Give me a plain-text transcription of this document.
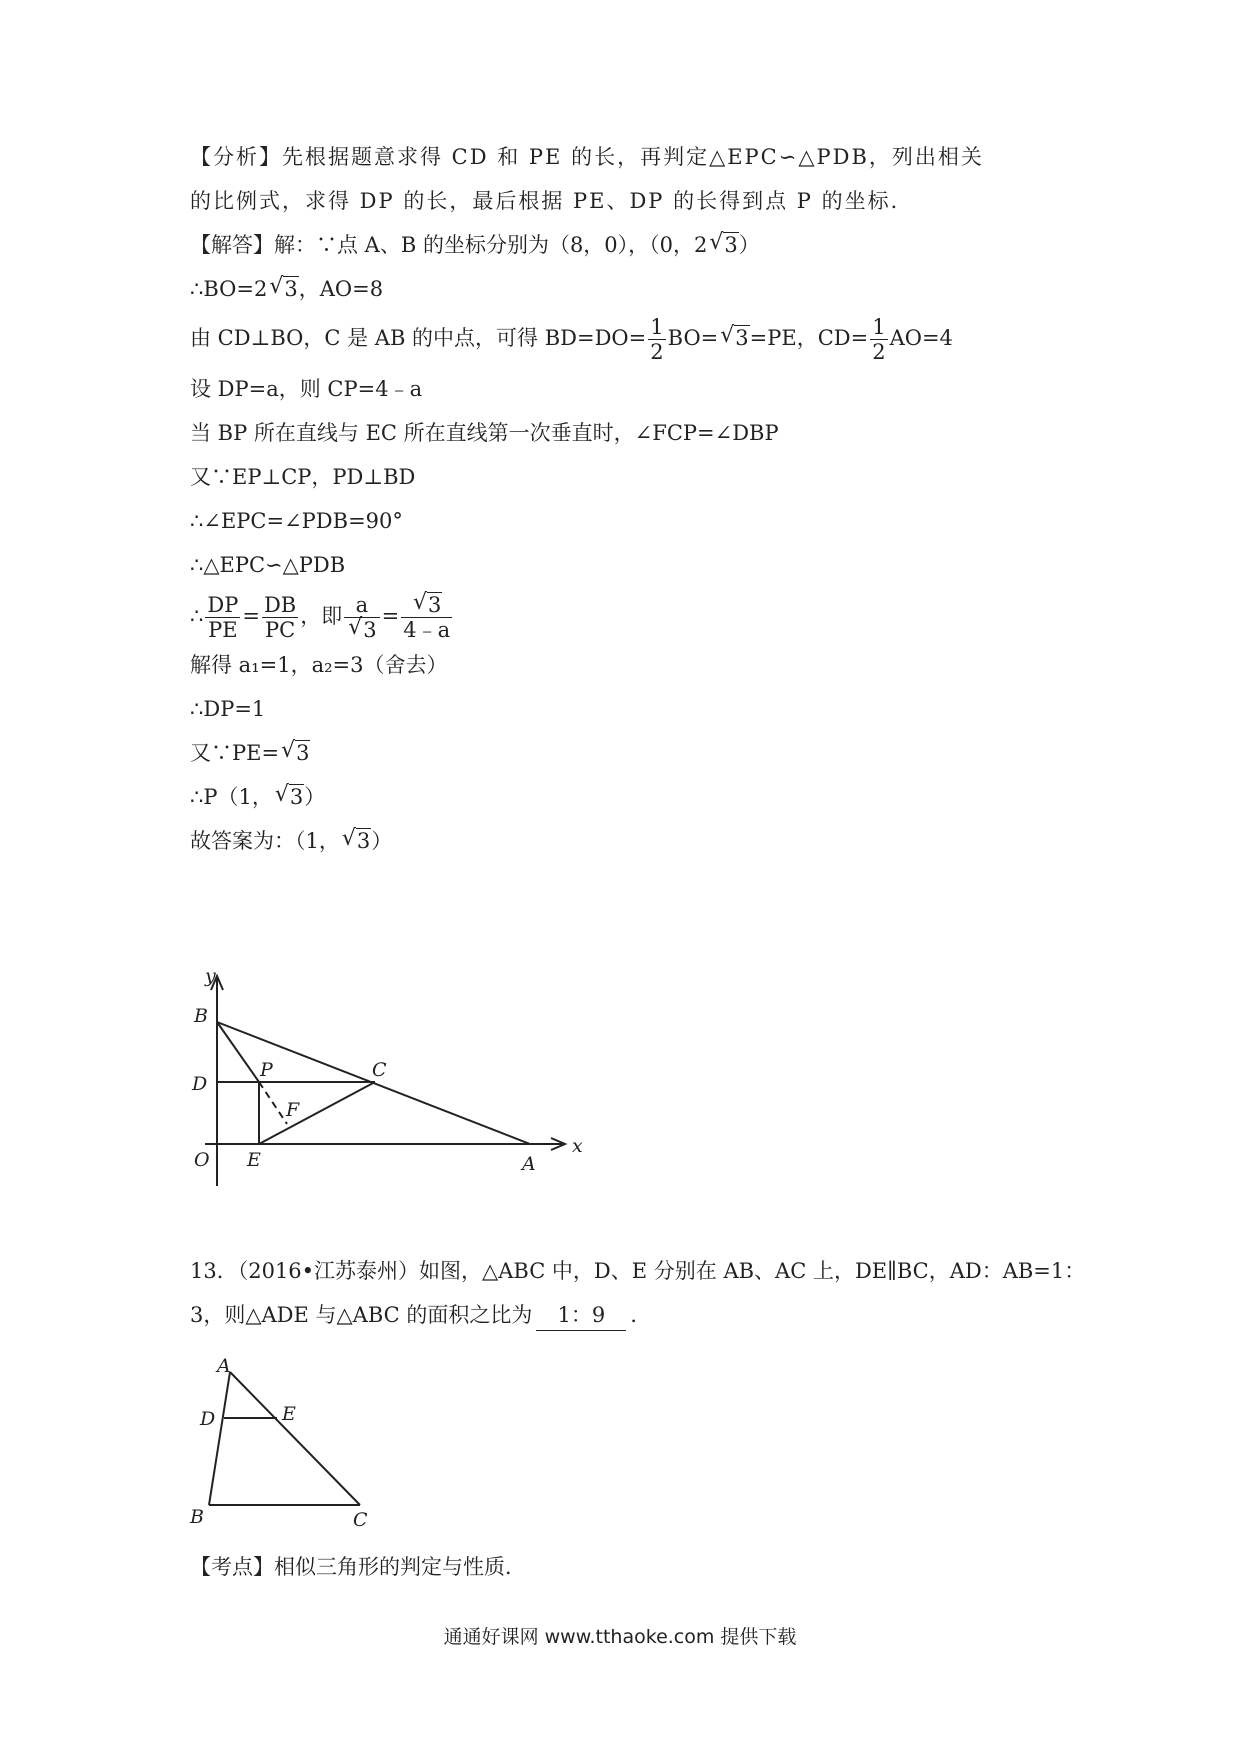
【分析】先根据题意求得 CD 和 PE 的长，再判定△EPC∽△PDB，列出相关
的比例式，求得 DP 的长，最后根据 PE、DP 的长得到点 P 的坐标．
【解答】解：∵点 A、B 的坐标分别为（8，0），（0，2√ 3）
∴BO=2√ 3，AO=8
由 CD⊥BO，C 是 AB 的中点，可得 $BD=DO= \frac{1}{2} BO=√$ 3=PE，$CD= \frac{1}{2} AO=4$
设 DP=a，则 CP=4﹣a
当 BP 所在直线与 EC 所在直线第一次垂直时，∠FCP=∠DBP
又∵EP⊥CP，PD⊥BD
∴∠EPC=∠PDB=90°
∴△EPC∽△PDB
∴ $\frac{DP}{PE} = \frac{DB}{PC}$ ，即 a
√ 3 =
√ $\frac{3}{4﹣a}$
解得 a₁=1，a₂=3（舍去）
∴DP=1
又∵PE=√ 3
∴P（1，√ 3）
故答案为：（1，√ 3）
y
B
D
O
P	C
F
E	A
x
A
D	E
B	C
13．（2016•江苏泰州）如图，△ABC 中，D、E 分别在 AB、AC 上，DE∥BC，AD：AB=1：
3，则△ADE 与△ABC 的面积之比为 1：9 ．
【考点】相似三角形的判定与性质．
通通好课网 www.tthaoke.com 提供下载
